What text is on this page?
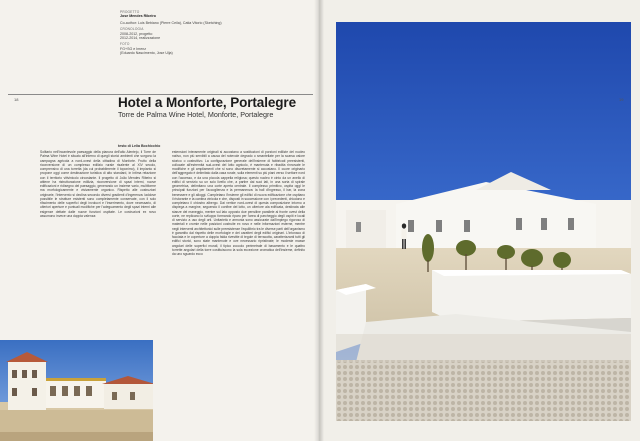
PROGETTO
Jose Mendes Ribeiro
Co-author: Luis Bebiano (Pierre Ceila), Catia Vitorio (Sketching)
CRONOLOGIA
2008-2012, progetto
2012-2014, realizzazione
FOTO
FG+SG e Imenz
(Eduardo Nascimento, Jose Ulja)
18	Hotel a Monforte, Portalegre
Torre de Palma Wine Hotel, Monforte, Portalegre
testo di Lelia Bochicchio

Solitario nell'incantevole paesaggio della pianura dell'alto Alentejo, il Torre de Palma Wine Hotel è situato all'interno di quegli storici ambienti che sorgono la campagna agricola a nord-ovest della cittadina di Monforte. Frutto della riconversione di un complesso edilizio rurale risalente al XIV secolo, comprensivo di una torretta (da cui probabilmente il toponimo), il impianto si propone oggi come destinazione turistica di alto standard, in intima relazione con il territorio vitivinicolo circostante. Il progetto di João Mendes Ribeiro si attiene ha ristrutturazione edilizia, riconversione di spazi interni, nuove edificazioni e ridisegno del paesaggio, generando un insieme vario, multiforme ma morfologicamente e visivamente organico. Rispetto alle costruzioni originarie, l'intervento si declina secondo diversi gradienti d'ingerenza: laddove possibile le strutture esistenti sono completamente conservate, con il solo rifacimento delle superfici degli involucri e l'inserimento, dove necessario, di ulteriori aperture e puntuali modifiche per l'adeguamento degli spazi interni alle esigenze dettate dalle nuove funzioni ospitate. Le costruzioni ex novo assumono invece una doppia valenza:

estensioni interamente originali si accostano a sostituzioni di porzioni edilizie del nucleo natìvo, non più servibili a causa del notevole degrado o smantellate per la scarsa valore storico o costruttivo. La configurazione generale dell'insieme di fabbricati preesistenti, collocate all'estremità sud-ovest del lotto agricolo, è mantenuta e ribadita rinnovate le modifiche e gli ampliamenti che si sono discretamente si accostano. Il cuore originario dell'aggregato è delimitato dalla casa rurale, sulla elementi su più piani verso il settore nord con l'accesso, e da una piccola cappella religiosa; questo nucleo è cinto da un anello di edifici di servizio su un solo livello che, a partire dai suoi lati, in una sorta di spirale geometrica, delimitano una corte aperta centrale. Il complesso primitivo, ospita oggi le principali funzioni per l'accoglienza e la permanenza: la hall d'ingresso, il bar, la zona benessere e gli alloggi. Completano l'insieme gli edifici di nuova edificazione che ospitano il ristorante e la cantina vinicola e che, disposti in successione con i precedenti, chiudono e completano il chiostro albergo. Dai vertice nord-ovest di questa composizione intorno a dispiega a margine, seguendo il confine del lotto, un ulteriore ala edificata, destinata alle stanze del maneggio, mentre sul lato opposto due pensiline parallele al fronte ovest della corte, ne replicano lo sviluppo formando riparo per l'area di parcheggio degli ospiti e locali di servizio a uso degli orti. Unitarietà e armonia sono assicurate dall'impiego rigoroso di materiali e cromie nelle posizioni costruite ex novo e nelle informazioni esterne, mentre negli interventi architettonici sulle preesistenze l'equilibrio tra le diverse parti dell'organismo è garantito dal rispetto delle morfologie e dei caratteri degli edifici originari. L'intonaco di facciata e le coperture a doppia falda rivestite di tegole di terracotta, caratterizzanti tutti gli edifici storici, sono state mantenute e ove necessario ripristinate; le modeste masse angolari delle superfici murali, il tipico zoccolo perimetrale di basamento e le quattro torrette angolari della torre costituiscono la sola eccezione cromatica dell'insieme, definito da uno sguardo ecco

19
